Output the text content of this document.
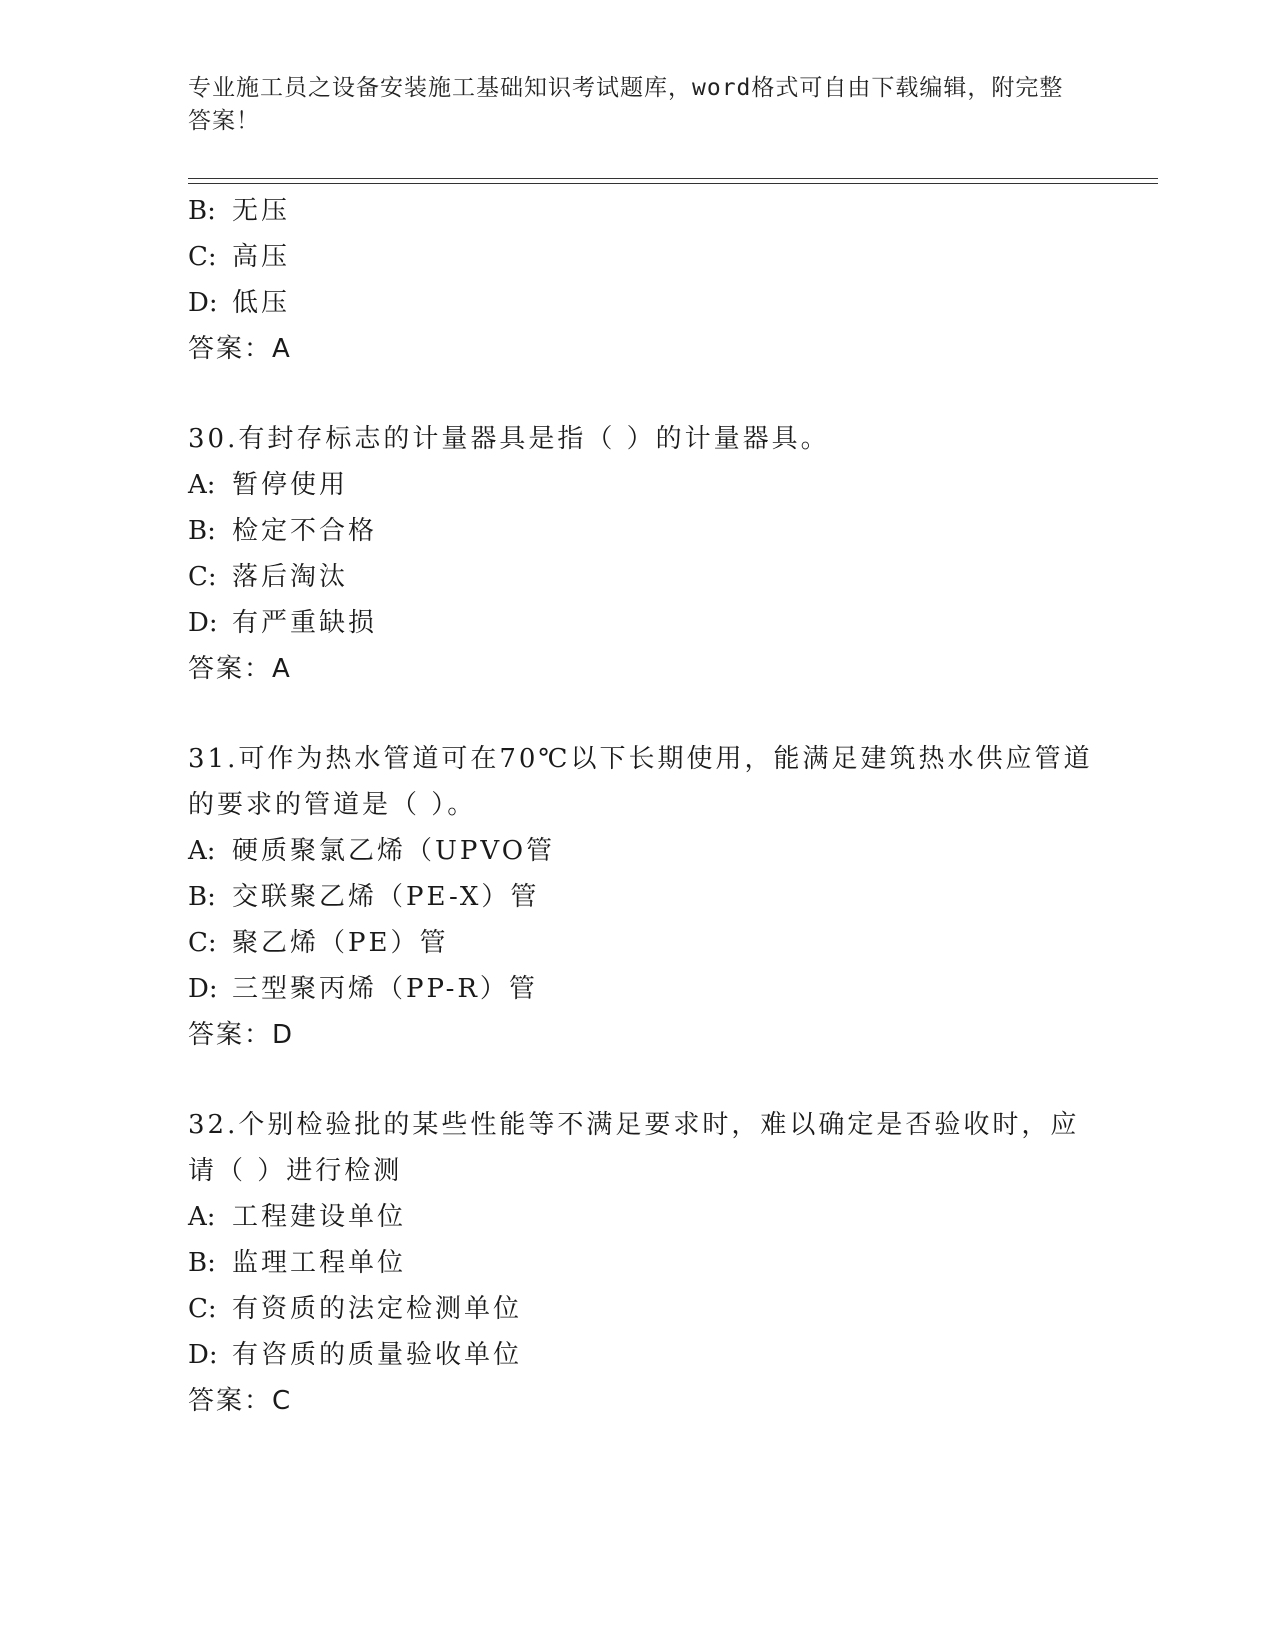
专业施工员之设备安装施工基础知识考试题库，word格式可自由下载编辑，附完整答案！
B: 无压
C: 高压
D: 低压
答案：A
30.有封存标志的计量器具是指（ ）的计量器具。
A: 暂停使用
B: 检定不合格
C: 落后淘汰
D: 有严重缺损
答案：A
31.可作为热水管道可在70℃以下长期使用，能满足建筑热水供应管道
的要求的管道是（ ）。
A: 硬质聚氯乙烯（UPVO管
B: 交联聚乙烯（PE-X）管
C: 聚乙烯（PE）管
D: 三型聚丙烯（PP-R）管
答案：D
32.个别检验批的某些性能等不满足要求时，难以确定是否验收时，应
请（ ）进行检测
A: 工程建设单位
B: 监理工程单位
C: 有资质的法定检测单位
D: 有咨质的质量验收单位
答案：C
